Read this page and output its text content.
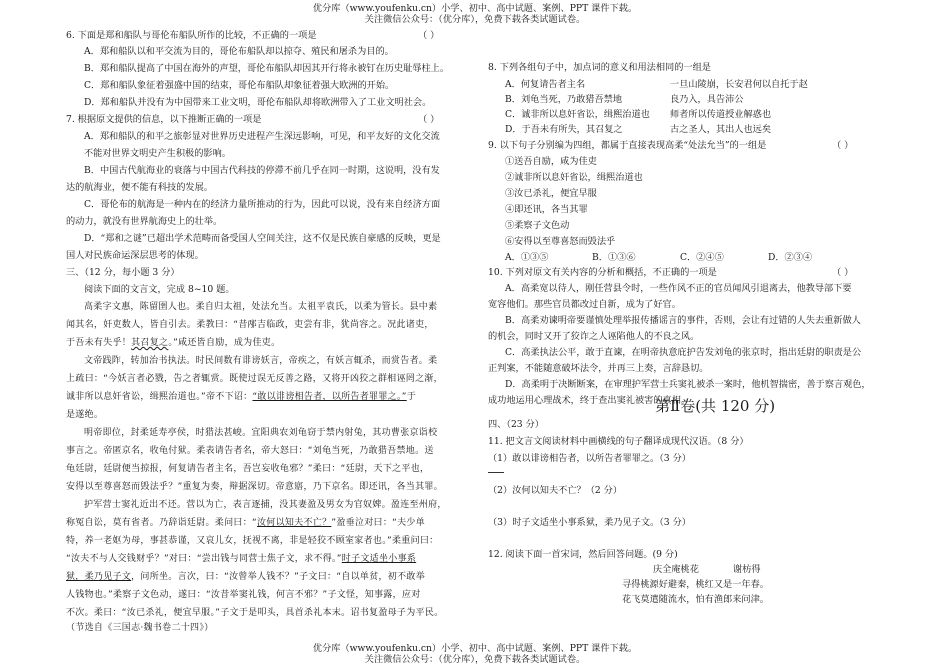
优分库（www.youfenku.cn）小学、初中、高中试题、案例、PPT 课件下载。
关注微信公众号：（优分库），免费下载各类试题试卷。
6. 下面是郑和船队与哥伦布船队所作的比较，不正确的一项是	（ ）
A．郑和船队以和平交流为目的，哥伦布船队却以掠夺、殖民和屠杀为目的。
B．郑和船队提高了中国在海外的声望，哥伦布船队却因其开行将永被钉在历史耻辱柱上。
C．郑和船队象征着强盛中国的结束，哥伦布船队却象征着强大欧洲的开始。
D．郑和船队并没有为中国带来工业文明，哥伦布船队却将欧洲带入了工业文明社会。
7. 根据原文提供的信息，以下推断正确的一项是	（ ）
A．郑和船队的和平之旅彰显对世界历史进程产生深远影响，可见，和平友好的文化交流
不能对世界文明史产生积极的影响。
B．中国古代航海业的衰落与中国古代科技的停滞不前几乎在同一时期，这说明，没有发
达的航海业，便不能有科技的发展。
C．哥伦布的航海是一种内在的经济力量所推动的行为，因此可以说，没有来自经济方面
的动力，就没有世界航海史上的壮举。
D．“郑和之谜”已超出学术范畴而备受国人空间关注，这不仅是民族自豪感的反映，更是
国人对民族命运深层思考的体现。
三、（12 分，每小题 3 分）
阅读下面的文言文，完成 8~10 题。
高柔字文惠，陈留圉人也。柔自归太祖，处法允当。太祖平袁氏，以柔为管长。县中素
闻其名，奸吏数人，皆自引去。柔教曰：“昔邴吉临政，吏尝有非，犹尚容之。况此诸吏，
于吾未有失乎！其召复之。”咸还皆自励，成为佳吏。
文帝践阼，转加治书执法。时民间数有诽谤妖言，帝疾之，有妖言辄杀，而赏告者。柔
上疏曰：“今妖言者必戮，告之者辄赏。既使过误无反善之路，又将开凶狡之群相诬罔之渐，
诚非所以息奸省讼，缉熙治道也。”帝不下诏：“敢以诽谤相告者，以所告者罪罪之。”于
是遂绝。
明帝即位，封柔延寿亭侯，时猎法甚峻。宜阳典农刘龟窃于禁内射兔，其功曹张京诣校
事言之。帝匿京名，收龟付狱。柔表请告者名，帝大怒曰：“刘龟当死，乃敢猎吾禁地。送
龟廷尉，廷尉便当掠报，何复请告者主名，吾岂妄收龟邪？”柔曰：“廷尉，天下之平也，
安得以至尊喜怒而毁法乎？”重复为奏，辩据深切。帝意寤，乃下京名。即还讯，各当其罪。
护军营士窦礼近出不还。营以为亡，表言逐捕，没其妻盈及男女为官奴婢。盈连至州府，
称冤自讼，莫有省者。乃辞诣廷尉。柔问曰：“汝何以知夫不亡？”盈垂泣对曰：“夫少单
特，养一老妪为母，事甚恭谨，又哀儿女，抚视不离，非是轻狡不顾室家者也。”柔重问曰：
“汝夫不与人交钱财乎？”对曰：“尝出钱与同营士焦子文，求不得。”时子文适坐小事系
狱，柔乃见子文，问所坐。言次，曰：“汝曾举人钱不？”子文曰：“自以单贫，初不敢举
人钱物也。”柔察子文色动，遂曰：“汝昔举窦礼钱，何言不邪？”子文怪，知事露，应对
不次。柔曰：“汝已杀礼，便宜早服。”子文于是叩头，具首杀礼本末。诏书复盈母子为平民。
（节选自《三国志·魏书卷二十四》）
8. 下列各组句子中，加点词的意义和用法相同的一组是
A．何复请告者主名	一旦山陵崩，长安君何以自托于赵
B．刘龟当死，乃敢猎吾禁地	良乃入，具告沛公
C．诚非所以息奸省讼，缉熙治道也 师者所以传道授业解惑也
D．于吾未有所失，其召复之	古之圣人，其出人也远矣
9. 以下句子分别编为四组，都属于直接表现高柔“处法允当”的一组是	（ ）
①送吾自励，咸为佳吏
②诚非所以息奸省讼，缉熙治道也
③汝已杀礼，便宜早服
④即还讯，各当其罪
⑤柔察子文色动
⑥安得以至尊喜怒而毁法乎
A．①③⑤	B．①③⑥	C．②④⑤	D．②③④
10. 下列对原文有关内容的分析和概括，不正确的一项是	（ ）
A．高柔宽以待人，刚任营县令时，一些作风不正的官员闻风引退离去，他教导部下要
宽容他们。那些官员都改过自新，成为了好官。
B．高柔劝谏明帝要谨慎处理举报传播谣言的事件，否则，会让有过错的人失去重新做人
的机会，同时又开了狡诈之人诬陷他人的不良之风。
C．高柔执法公平，敢于直谏，在明帝执意庇护告发刘龟的张京时，指出廷尉的职责是公
正判案，不能随意破坏法令，并再三上奏，言辞恳切。
D．高柔明于决断断案，在审理护军营士兵窦礼被杀一案时，他机智揣密，善于察言观色，
成功地运用心理战术，终于查出窦礼被害的真相。
第Ⅱ卷(共 120 分)
四、（23 分）
11. 把文言文阅读材料中画横线的句子翻译成现代汉语。（8 分）
（1）敢以诽谤相告者，以所告者罪罪之。（3 分）
（2）汝何以知夫不亡？（2 分）
（3）时子文适坐小事系狱，柔乃见子文。（3 分）
12. 阅读下面一首宋词，然后回答问题。(9 分)
庆全庵桃花	谢枋得
寻得桃源好避秦，桃红又是一年春。
花飞莫遣随流水，怕有渔郎来问津。
优分库（www.youfenku.cn）小学、初中、高中试题、案例、PPT 课件下载。
关注微信公众号：（优分库），免费下载各类试题试卷。
